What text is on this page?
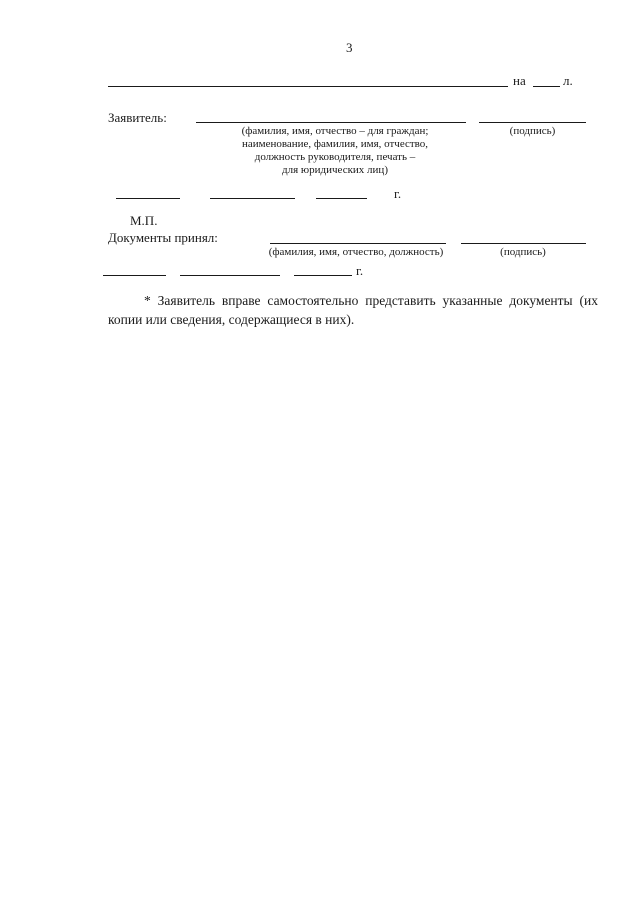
3
на	л.
Заявитель:
(фамилия, имя, отчество – для граждан;
наименование, фамилия, имя, отчество,
должность руководителя, печать –
для юридических лиц)
(подпись)
г.
М.П.
Документы принял:
(фамилия, имя, отчество, должность)	(подпись)
г.
* Заявитель вправе самостоятельно представить указанные документы (их копии или сведения, содержащиеся в них).
